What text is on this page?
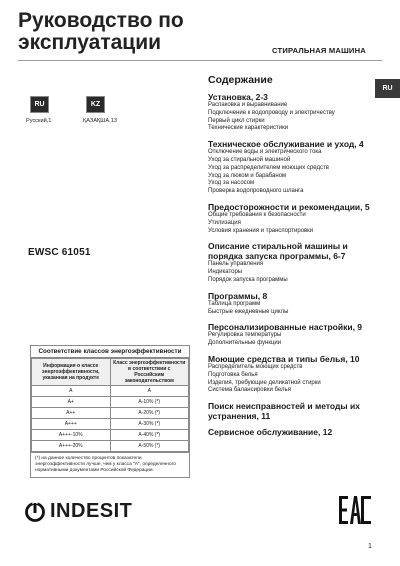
Руководство по
эксплуатации	СТИРАЛЬНАЯ МАШИНА
RU
RU
Русский,1
KZ
ҚАЗАҚША,13
EWSC 61051
Содержание
Установка, 2-3
Распаковка и выравнивание
Подключение к водопроводу и электричеству
Первый цикл стирки
Технические характеристики
Техническое обслуживание и уход, 4
Отключение воды и электрического тока
Уход за стиральной машиной
Уход за распределителем моющих средств
Уход за люком и барабаном
Уход за насосом
Проверка водопроводного шланга
Предосторожности и рекомендации, 5
Общие требования к безопасности
Утилизация
Условия хранения и транспортировки
Описание стиральной машины и порядка запуска программы, 6-7
Панель управления
Индикаторы
Порядок запуска программы
Программы, 8
Таблица программ
Быстрые ежедневные циклы
Персонализированные настройки, 9
Регулировка температуры
Дополнительные функции
Моющие средства и типы белья, 10
Распределитель моющих средств
Подготовка белья
Изделия, требующие деликатной стирки
Система балансировки белья
Поиск неисправностей и методы их устранения, 11
Сервисное обслуживание, 12
Соответствие классов энергоэффективности
Информация о классе энергоэффективности, указанная на продукте	Класс энергоэффективности в соответствии с Российским законодательством
A	A
A+	A-10% (*)
A++	A-20% (*)
A+++	A-30% (*)
A+++-10%	A-40% (*)
A+++-20%	A-50% (*)
(*) на данное количество процентов показатели энергоэффективности лучше, чем у класса "А", определенного нормативными документами Российской Федерации.
INDESIT
1
